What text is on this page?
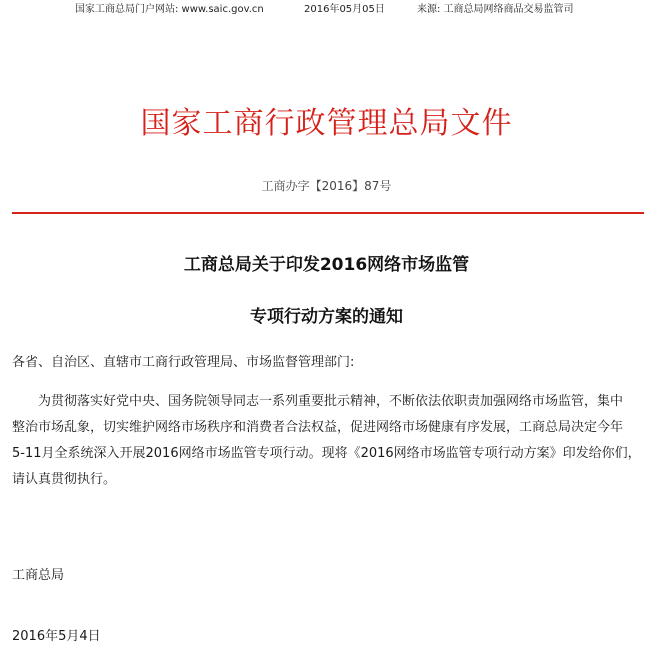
国家工商总局门户网站: www.saic.gov.cn	2016年05月05日	来源: 工商总局网络商品交易监管司
国家工商行政管理总局文件
工商办字【2016】87号
工商总局关于印发2016网络市场监管
专项行动方案的通知
各省、自治区、直辖市工商行政管理局、市场监督管理部门:
为贯彻落实好党中央、国务院领导同志一系列重要批示精神，不断依法依职责加强网络市场监管，集中
整治市场乱象，切实维护网络市场秩序和消费者合法权益，促进网络市场健康有序发展，工商总局决定今年
5-11月全系统深入开展2016网络市场监管专项行动。现将《2016网络市场监管专项行动方案》印发给你们，
请认真贯彻执行。
工商总局
2016年5月4日
